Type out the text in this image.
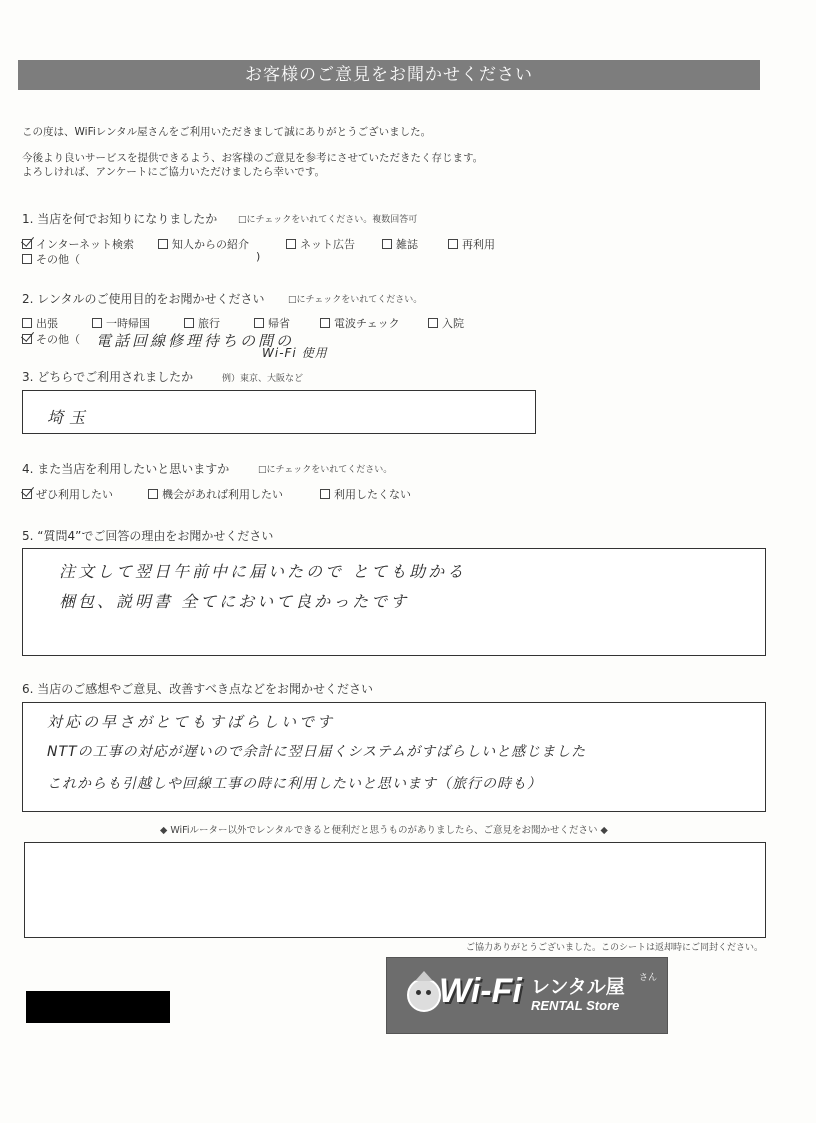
お客様のご意見をお聞かせください
この度は、WiFiレンタル屋さんをご利用いただきまして誠にありがとうございました。
今後より良いサービスを提供できるよう、お客様のご意見を参考にさせていただきたく存じます。
よろしければ、アンケートにご協力いただけましたら幸いです。
1. 当店を何でお知りになりましたか □にチェックをいれてください。複数回答可
インターネット検索	知人からの紹介	ネット広告	雑誌	再利用
その他（	)
2. レンタルのご使用目的をお聞かせください	□にチェックをいれてください。
出張	一時帰国	旅行	帰省	電波チェック	入院
その他（ 電話回線修理待ちの間の
Wi-Fi 使用
3. どちらでご利用されましたか	例）東京、大阪など
埼玉
4. また当店を利用したいと思いますか	□にチェックをいれてください。
ぜひ利用したい	機会があれば利用したい	利用したくない
5. “質問4”でご回答の理由をお聞かせください
注文して翌日午前中に届いたので とても助かる
梱包、説明書 全てにおいて良かったです
6. 当店のご感想やご意見、改善すべき点などをお聞かせください
対応の早さがとてもすばらしいです
NTTの工事の対応が遅いので余計に翌日届くシステムがすばらしいと感じました
これからも引越しや回線工事の時に利用したいと思います（旅行の時も）
◆ WiFiルーター以外でレンタルできると便利だと思うものがありましたら、ご意見をお聞かせください ◆
ご協力ありがとうございました。このシートは返却時にご同封ください。
Wi-Fi レンタル屋 さん
RENTAL Store
